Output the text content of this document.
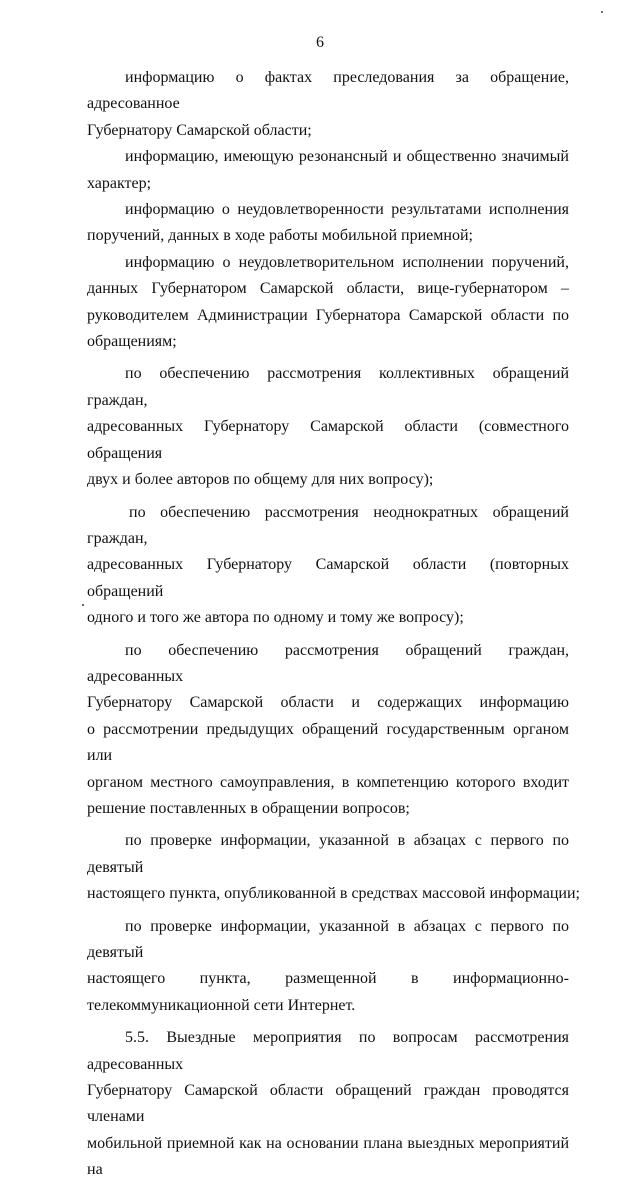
6

информацию о фактах преследования за обращение, адресованное
Губернатору Самарской области;

информацию, имеющую резонансный и общественно значимый
характер;

информацию о неудовлетворенности результатами исполнения
поручений, данных в ходе работы мобильной приемной;

информацию о неудовлетворительном исполнении поручений,
данных Губернатором Самарской области, вице-губернатором –
руководителем Администрации Губернатора Самарской области по
обращениям;

по обеспечению рассмотрения коллективных обращений граждан,
адресованных Губернатору Самарской области (совместного обращения
двух и более авторов по общему для них вопросу);

по обеспечению рассмотрения неоднократных обращений граждан,
адресованных Губернатору Самарской области (повторных обращений
одного и того же автора по одному и тому же вопросу);

по обеспечению рассмотрения обращений граждан, адресованных
Губернатору Самарской области и содержащих информацию
о рассмотрении предыдущих обращений государственным органом или
органом местного самоуправления, в компетенцию которого входит
решение поставленных в обращении вопросов;

по проверке информации, указанной в абзацах с первого по девятый
настоящего пункта, опубликованной в средствах массовой информации;

по проверке информации, указанной в абзацах с первого по девятый
настоящего пункта, размещенной в информационно-
телекоммуникационной сети Интернет.

5.5. Выездные мероприятия по вопросам рассмотрения адресованных
Губернатору Самарской области обращений граждан проводятся членами
мобильной приемной как на основании плана выездных мероприятий на
